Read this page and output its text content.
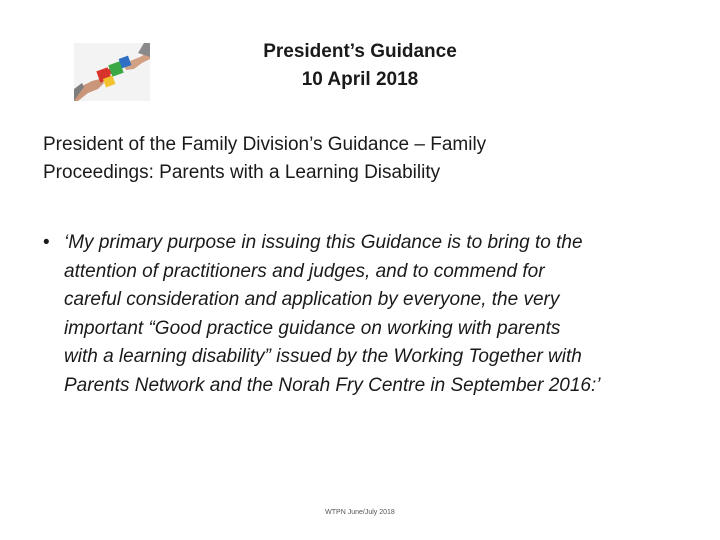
President’s Guidance
10 April 2018
President of the Family Division’s Guidance – Family
Proceedings: Parents with a Learning Disability
• ‘My primary purpose in issuing this Guidance is to bring to the
attention of practitioners and judges, and to commend for
careful consideration and application by everyone, the very
important “Good practice guidance on working with parents
with a learning disability” issued by the Working Together with
Parents Network and the Norah Fry Centre in September 2016:’
WTPN June/July 2018
